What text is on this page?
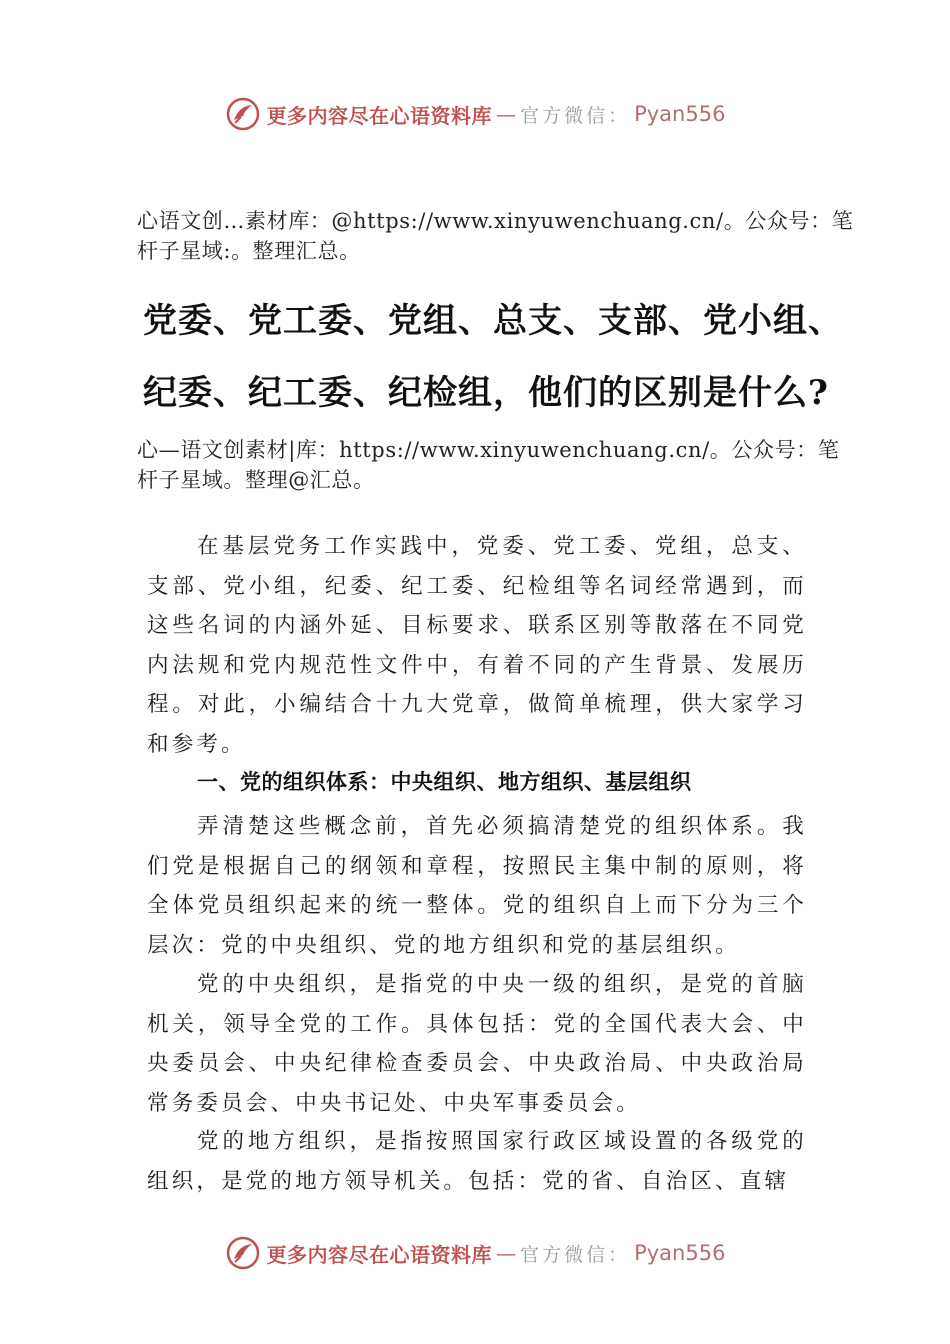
更多内容尽在心语资料库 — 官方微信： Pyan556
心语文创…素材库：@https://www.xinyuwenchuang.cn/。公众号：笔杆子星域:。整理汇总。
党委、党工委、党组、总支、支部、党小组、纪委、纪工委、纪检组，他们的区别是什么?
心—语文创素材|库：https://www.xinyuwenchuang.cn/。公众号：笔杆子星域。整理@汇总。
在基层党务工作实践中，党委、党工委、党组，总支、支部、党小组，纪委、纪工委、纪检组等名词经常遇到，而这些名词的内涵外延、目标要求、联系区别等散落在不同党内法规和党内规范性文件中，有着不同的产生背景、发展历程。对此，小编结合十九大党章，做简单梳理，供大家学习和参考。
一、党的组织体系：中央组织、地方组织、基层组织
弄清楚这些概念前，首先必须搞清楚党的组织体系。我们党是根据自己的纲领和章程，按照民主集中制的原则，将全体党员组织起来的统一整体。党的组织自上而下分为三个层次：党的中央组织、党的地方组织和党的基层组织。
党的中央组织，是指党的中央一级的组织，是党的首脑机关，领导全党的工作。具体包括：党的全国代表大会、中央委员会、中央纪律检查委员会、中央政治局、中央政治局常务委员会、中央书记处、中央军事委员会。
党的地方组织，是指按照国家行政区域设置的各级党的组织，是党的地方领导机关。包括：党的省、自治区、直辖
更多内容尽在心语资料库 — 官方微信： Pyan556
